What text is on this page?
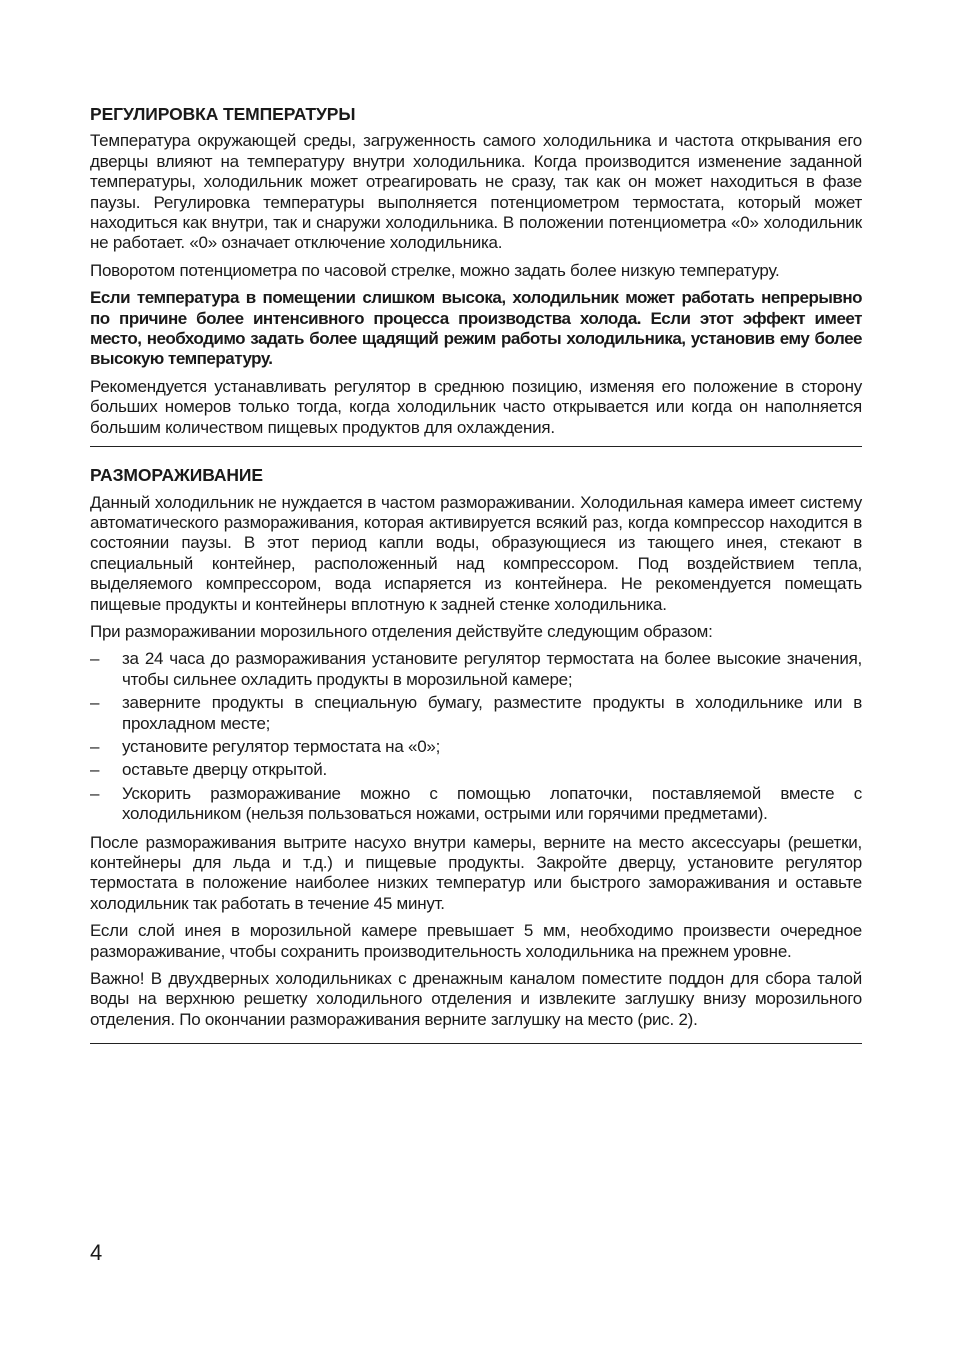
РЕГУЛИРОВКА ТЕМПЕРАТУРЫ

Температура окружающей среды, загруженность самого холодильника и частота открывания его дверцы влияют на температуру внутри холодильника. Когда производится изменение заданной температуры, холодильник может отреагировать не сразу, так как он может находиться в фазе паузы. Регулировка температуры выполняется потенциометром термостата, который может находиться как внутри, так и снаружи холодильника. В положении потенциометра «0» холодильник не работает. «0» означает отключение холодильника.

Поворотом потенциометра по часовой стрелке, можно задать более низкую температуру.

Если температура в помещении слишком высока, холодильник может работать непрерывно по причине более интенсивного процесса производства холода. Если этот эффект имеет место, необходимо задать более щадящий режим работы холодильника, установив ему более высокую температуру.

Рекомендуется устанавливать регулятор в среднюю позицию, изменяя его положение в сторону больших номеров только тогда, когда холодильник часто открывается или когда он наполняется большим количеством пищевых продуктов для охлаждения.

РАЗМОРАЖИВАНИЕ

Данный холодильник не нуждается в частом размораживании. Холодильная камера имеет систему автоматического размораживания, которая активируется всякий раз, когда компрессор находится в состоянии паузы. В этот период капли воды, образующиеся из тающего инея, стекают в специальный контейнер, расположенный над компрессором. Под воздействием тепла, выделяемого компрессором, вода испаряется из контейнера. Не рекомендуется помещать пищевые продукты и контейнеры вплотную к задней стенке холодильника.

При размораживании морозильного отделения действуйте следующим образом:

– за 24 часа до размораживания установите регулятор термостата на более высокие значения, чтобы сильнее охладить продукты в морозильной камере;
– заверните продукты в специальную бумагу, разместите продукты в холодильнике или в прохладном месте;
– установите регулятор термостата на «0»;
– оставьте дверцу открытой.
– Ускорить размораживание можно с помощью лопаточки, поставляемой вместе с холодильником (нельзя пользоваться ножами, острыми или горячими предметами).

После размораживания вытрите насухо внутри камеры, верните на место аксессуары (решетки, контейнеры для льда и т.д.) и пищевые продукты. Закройте дверцу, установите регулятор термостата в положение наиболее низких температур или быстрого замораживания и оставьте холодильник так работать в течение 45 минут.

Если слой инея в морозильной камере превышает 5 мм, необходимо произвести очередное размораживание, чтобы сохранить производительность холодильника на прежнем уровне.

Важно! В двухдверных холодильниках с дренажным каналом поместите поддон для сбора талой воды на верхнюю решетку холодильного отделения и извлеките заглушку внизу морозильного отделения. По окончании размораживания верните заглушку на место (рис. 2).

4
